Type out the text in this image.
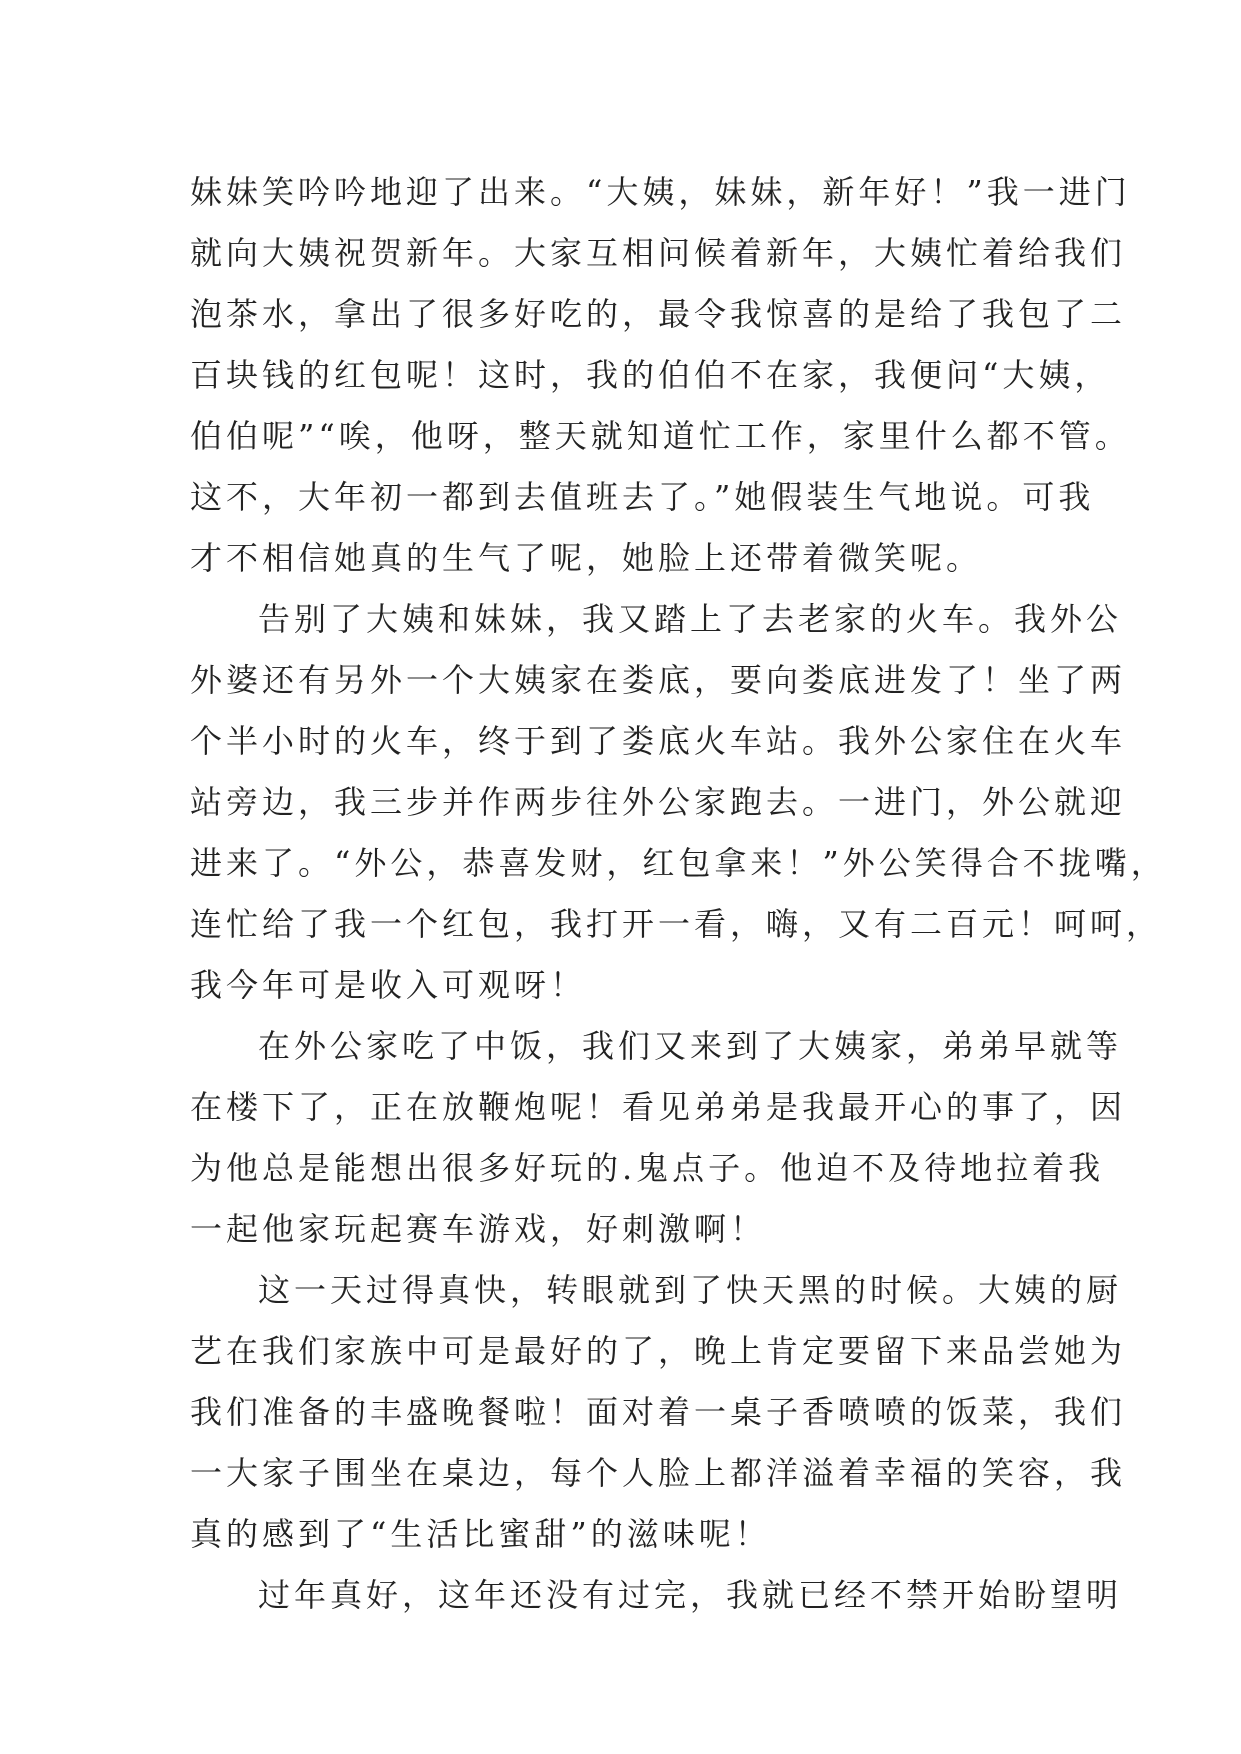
妹妹笑吟吟地迎了出来。“大姨，妹妹，新年好！”我一进门
就向大姨祝贺新年。大家互相问候着新年，大姨忙着给我们
泡茶水，拿出了很多好吃的，最令我惊喜的是给了我包了二
百块钱的红包呢！这时，我的伯伯不在家，我便问“大姨，
伯伯呢”“唉，他呀，整天就知道忙工作，家里什么都不管。
这不，大年初一都到去值班去了。”她假装生气地说。可我
才不相信她真的生气了呢，她脸上还带着微笑呢。
告别了大姨和妹妹，我又踏上了去老家的火车。我外公
外婆还有另外一个大姨家在娄底，要向娄底进发了！坐了两
个半小时的火车，终于到了娄底火车站。我外公家住在火车
站旁边，我三步并作两步往外公家跑去。一进门，外公就迎
进来了。“外公，恭喜发财，红包拿来！”外公笑得合不拢嘴，
连忙给了我一个红包，我打开一看，嗨，又有二百元！呵呵，
我今年可是收入可观呀！
在外公家吃了中饭，我们又来到了大姨家，弟弟早就等
在楼下了，正在放鞭炮呢！看见弟弟是我最开心的事了，因
为他总是能想出很多好玩的.鬼点子。他迫不及待地拉着我
一起他家玩起赛车游戏，好刺激啊！
这一天过得真快，转眼就到了快天黑的时候。大姨的厨
艺在我们家族中可是最好的了，晚上肯定要留下来品尝她为
我们准备的丰盛晚餐啦！面对着一桌子香喷喷的饭菜，我们
一大家子围坐在桌边，每个人脸上都洋溢着幸福的笑容，我
真的感到了“生活比蜜甜”的滋味呢！
过年真好，这年还没有过完，我就已经不禁开始盼望明
